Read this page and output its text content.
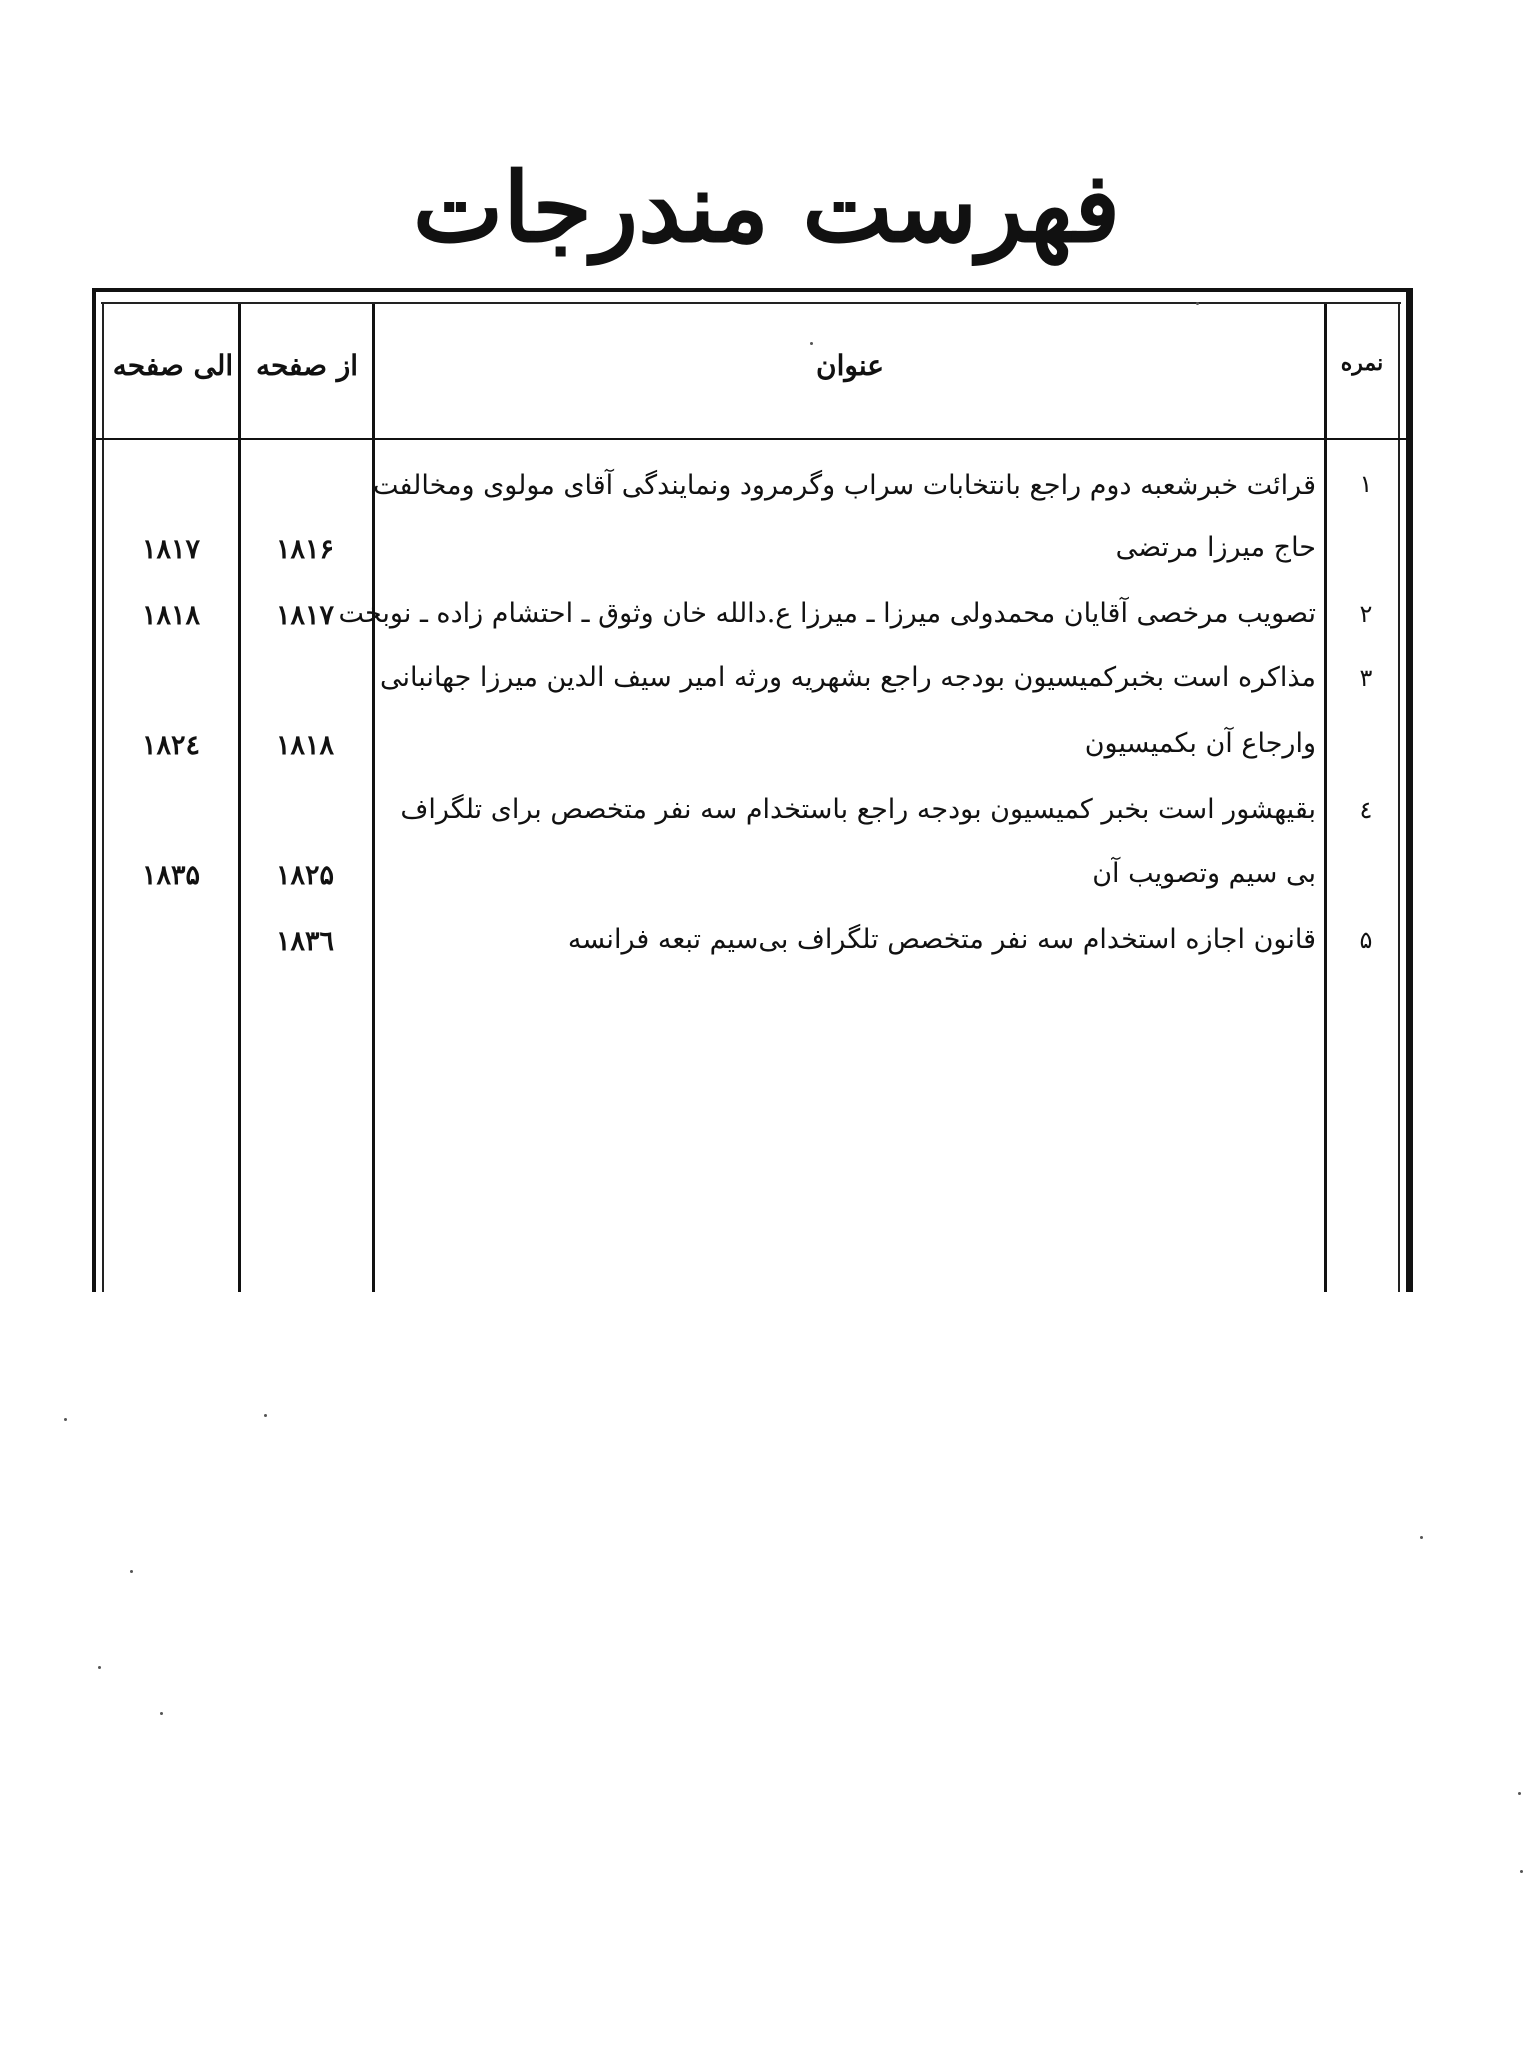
فهرست مندرجات
الی صفحه از صفحه	عنوان	نمره
۱
قرائت خبرشعبه دوم راجع بانتخابات سراب وگرمرود ونمایندگی آقای مولوی ومخالفت
حاج میرزا مرتضی
۱۸۱۶
۱۸۱۷
۲
تصویب مرخصی آقایان محمدولی میرزا ـ میرزا ع.دالله خان وثوق ـ احتشام زاده ـ نوبخت
۱۸۱۷
۱۸۱۸
۳
مذاکره است بخبرکمیسیون بودجه راجع بشهریه ورثه امیر سیف الدین میرزا جهانبانی
وارجاع آن بکمیسیون
۱۸۱۸
۱۸۲٤
٤
بقیهشور است بخبر کمیسیون بودجه راجع باستخدام سه نفر متخصص برای تلگراف
بی سیم وتصویب آن
۱۸۲۵
۱۸۳۵
۵
قانون اجازه استخدام سه نفر متخصص تلگراف بی‌سیم تبعه فرانسه
۱۸۳٦
